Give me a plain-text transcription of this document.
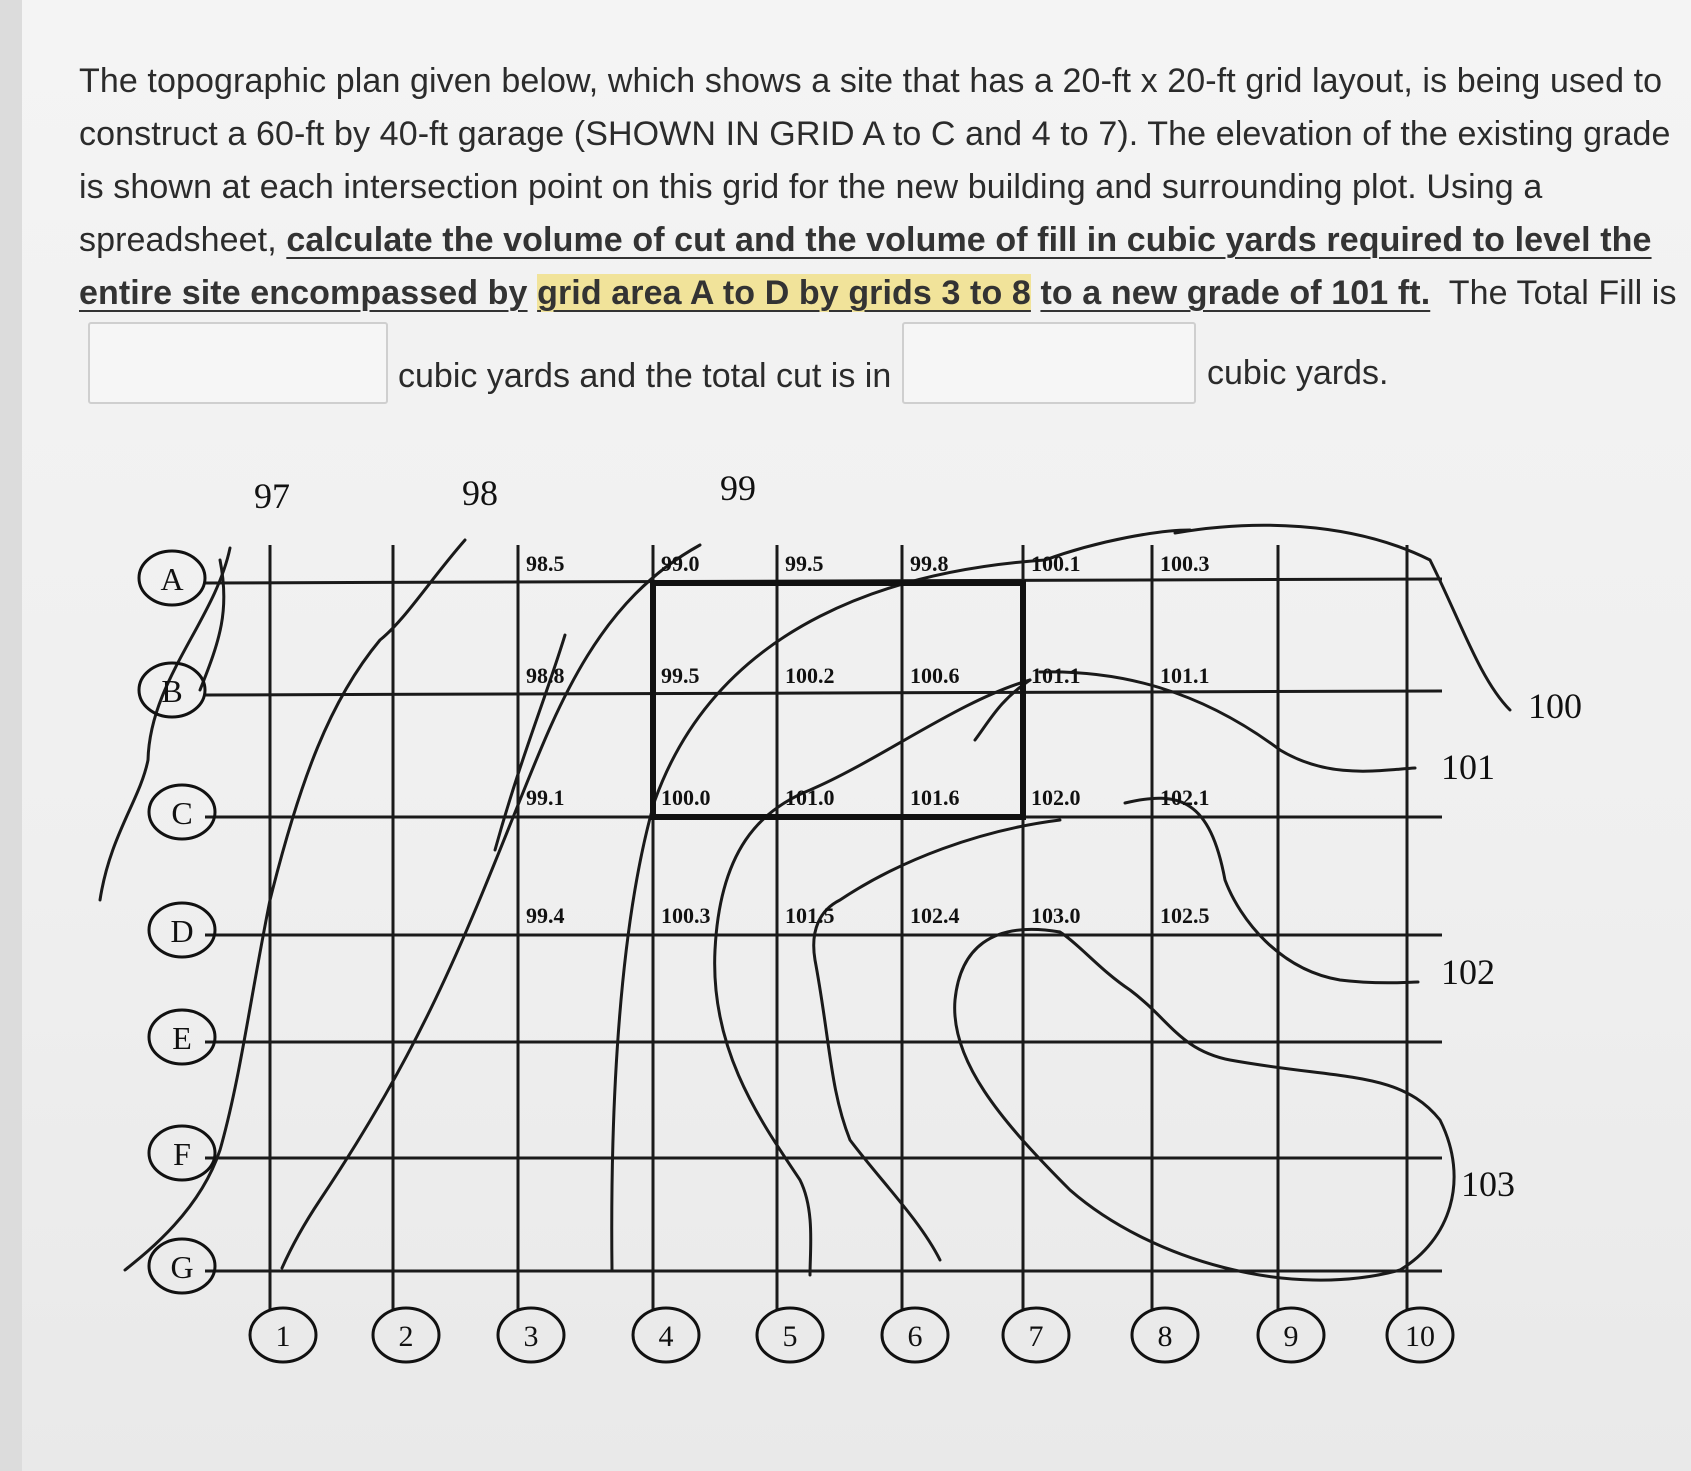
The topographic plan given below, which shows a site that has a 20-ft x 20-ft grid layout, is being used to construct a 60-ft by 40-ft garage (SHOWN IN GRID A to C and 4 to 7). The elevation of the existing grade is shown at each intersection point on this grid for the new building and surrounding plot. Using a spreadsheet, calculate the volume of cut and the volume of fill in cubic yards required to level the entire site encompassed by grid area A to D by grids 3 to 8 to a new grade of 101 ft. The Total Fill is

cubic yards and the total cut is in	cubic yards.
A
B
C
D
E
F
G
1	2	3	4	5	6	7	8	9	10
97	98	99
100
101
102
103
98.5	99.0	99.5	99.8	100.1	100.3
98.8	99.5	100.2	100.6	101.1	101.1
99.1	100.0	101.0	101.6	102.0	102.1
99.4	100.3	101.5	102.4	103.0	102.5
